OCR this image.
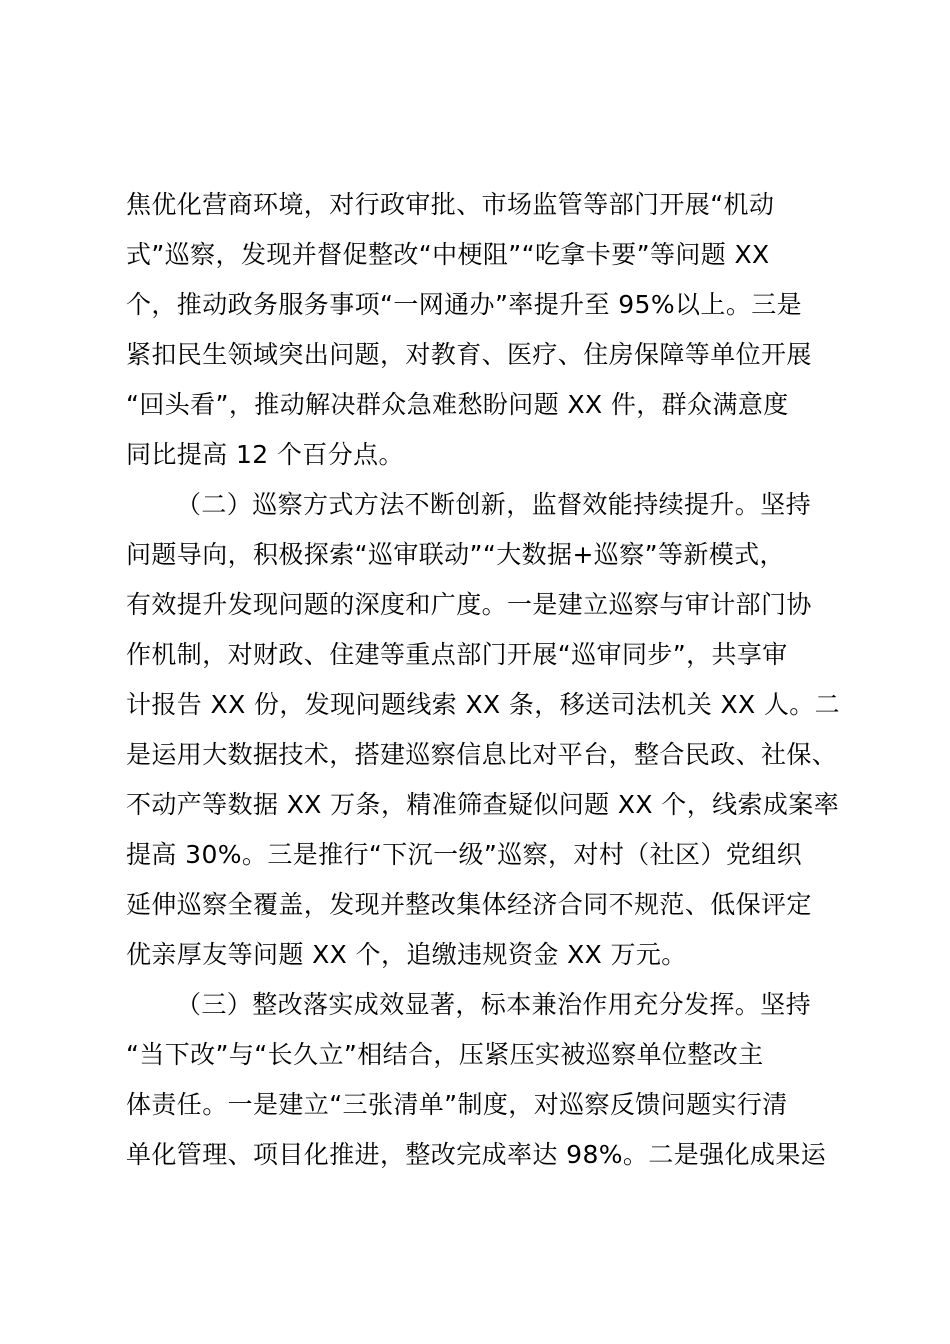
焦优化营商环境，对行政审批、市场监管等部门开展“机动
式”巡察，发现并督促整改“中梗阻”“吃拿卡要”等问题 XX
个，推动政务服务事项“一网通办”率提升至 95%以上。三是
紧扣民生领域突出问题，对教育、医疗、住房保障等单位开展
“回头看”，推动解决群众急难愁盼问题 XX 件，群众满意度
同比提高 12 个百分点。
（二）巡察方式方法不断创新，监督效能持续提升。坚持
问题导向，积极探索“巡审联动”“大数据+巡察”等新模式，
有效提升发现问题的深度和广度。一是建立巡察与审计部门协
作机制，对财政、住建等重点部门开展“巡审同步”，共享审
计报告 XX 份，发现问题线索 XX 条，移送司法机关 XX 人。二
是运用大数据技术，搭建巡察信息比对平台，整合民政、社保、
不动产等数据 XX 万条，精准筛查疑似问题 XX 个，线索成案率
提高 30%。三是推行“下沉一级”巡察，对村（社区）党组织
延伸巡察全覆盖，发现并整改集体经济合同不规范、低保评定
优亲厚友等问题 XX 个，追缴违规资金 XX 万元。
（三）整改落实成效显著，标本兼治作用充分发挥。坚持
“当下改”与“长久立”相结合，压紧压实被巡察单位整改主
体责任。一是建立“三张清单”制度，对巡察反馈问题实行清
单化管理、项目化推进，整改完成率达 98%。二是强化成果运
